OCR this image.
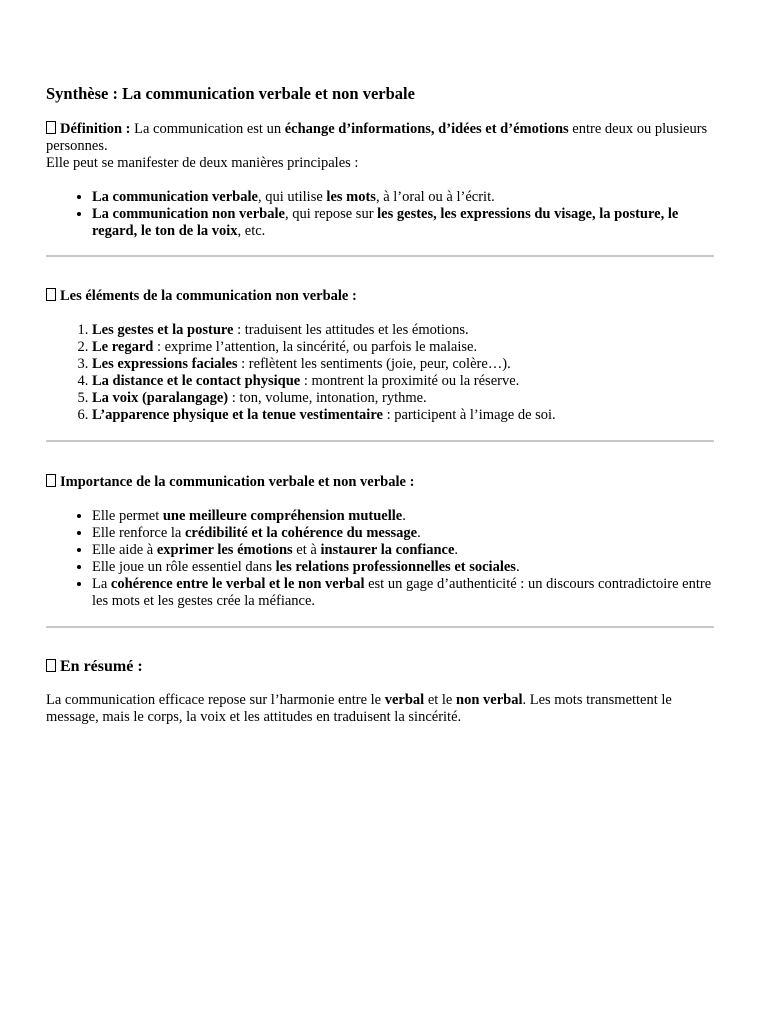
Synthèse : La communication verbale et non verbale

Définition : La communication est un échange d’informations, d’idées et d’émotions entre deux ou plusieurs personnes.

Elle peut se manifester de deux manières principales :

• La communication verbale, qui utilise les mots, à l’oral ou à l’écrit.
• La communication non verbale, qui repose sur les gestes, les expressions du visage, la posture, le regard, le ton de la voix, etc.

Les éléments de la communication non verbale :

1. Les gestes et la posture : traduisent les attitudes et les émotions.
2. Le regard : exprime l’attention, la sincérité, ou parfois le malaise.
3. Les expressions faciales : reflètent les sentiments (joie, peur, colère…).
4. La distance et le contact physique : montrent la proximité ou la réserve.
5. La voix (paralangage) : ton, volume, intonation, rythme.
6. L’apparence physique et la tenue vestimentaire : participent à l’image de soi.

Importance de la communication verbale et non verbale :

• Elle permet une meilleure compréhension mutuelle.
• Elle renforce la crédibilité et la cohérence du message.
• Elle aide à exprimer les émotions et à instaurer la confiance.
• Elle joue un rôle essentiel dans les relations professionnelles et sociales.
• La cohérence entre le verbal et le non verbal est un gage d’authenticité : un discours contradictoire entre les mots et les gestes crée la méfiance.

En résumé :

La communication efficace repose sur l’harmonie entre le verbal et le non verbal. Les mots transmettent le message, mais le corps, la voix et les attitudes en traduisent la sincérité.
